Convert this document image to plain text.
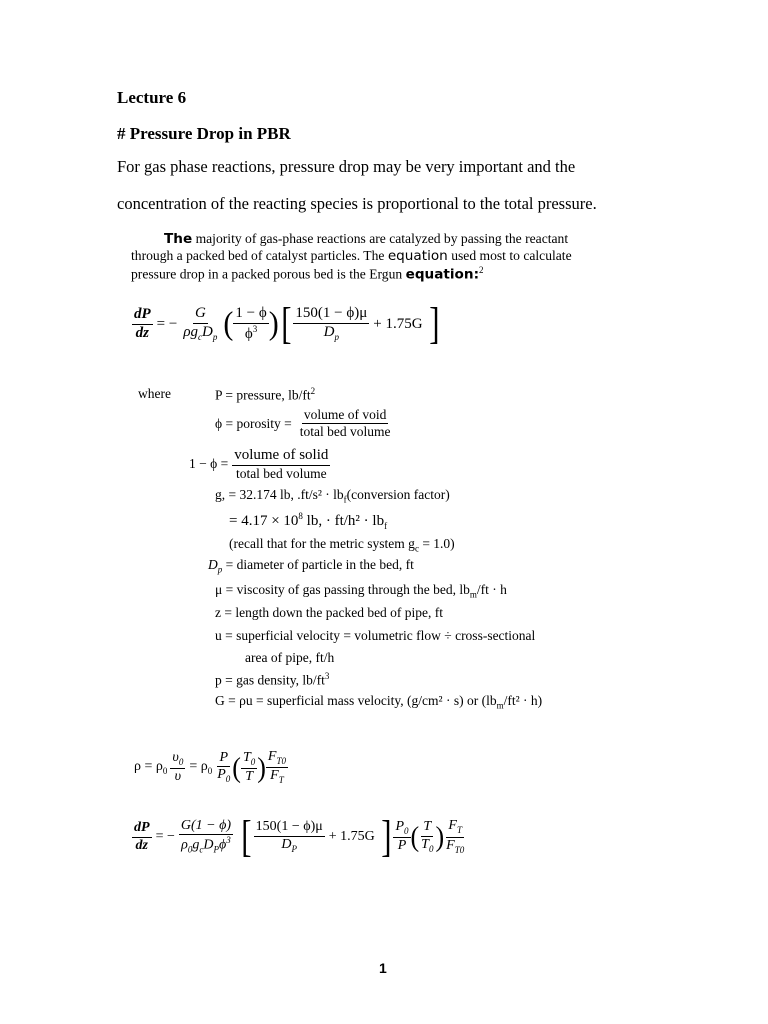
Lecture 6
# Pressure Drop in PBR
For gas phase reactions, pressure drop may be very important and the
concentration of the reacting species is proportional to the total pressure.
The majority of gas-phase reactions are catalyzed by passing the reactant
through a packed bed of catalyst particles. The equation used most to calculate
pressure drop in a packed porous bed is the Ergun equation:$^2$
$\frac{dP}{dz}$ = − $\frac{G}{\rho g_cD_p}$ ( $\frac{1 - \phi}{\phi^3}$ ) [ $\frac{150(1 - \phi)\mu}{D_p} + 1.75G$ ]
where	P = pressure, $lb/ft^2$
ϕ = porosity = $\frac{\text{volume of void}}{\text{total bed volume}}$
$1 - \phi = \frac{\text{volume of solid}}{\text{total bed volume}}$
g, = 32.174 lb, $.ft/s^2 \cdot lb_f(conversion$ factor)
= $4.17 \times 10^8$ lb, · $ft/h^2 \cdot lb_f$
(recall that for the metric system $g_c = 1.0$)
$D_p$ = diameter of particle in the bed, ft
μ = viscosity of gas passing through the bed, $lb_m/ft \cdot h$
z = length down the packed bed of pipe, ft
u = superficial velocity = volumetric flow ÷ cross-sectional
area of pipe, ft/h
p = gas density, $lb/ft^3$
G = ρu = superficial mass velocity, (g/cm² · s) or ($lb_m$/ft² · h)
$\rho = \rho_0 \frac{\upsilon_0}{\upsilon} = \rho_0 \frac{P}{P_0}$ ( $\frac{T_0}{T}$ ) $\frac{F_{T0}}{F_T}$
$\frac{dP}{dz}$ = − $\frac{G(1 - \phi)}{\rho_0g_cD_P\phi^3}$ [ $\frac{150(1 - \phi)\mu}{D_P} + 1.75G$ ] $\frac{P_0}{P}$ ( $\frac{T}{T_0}$ ) $\frac{F_T}{F_{T0}}$
1
